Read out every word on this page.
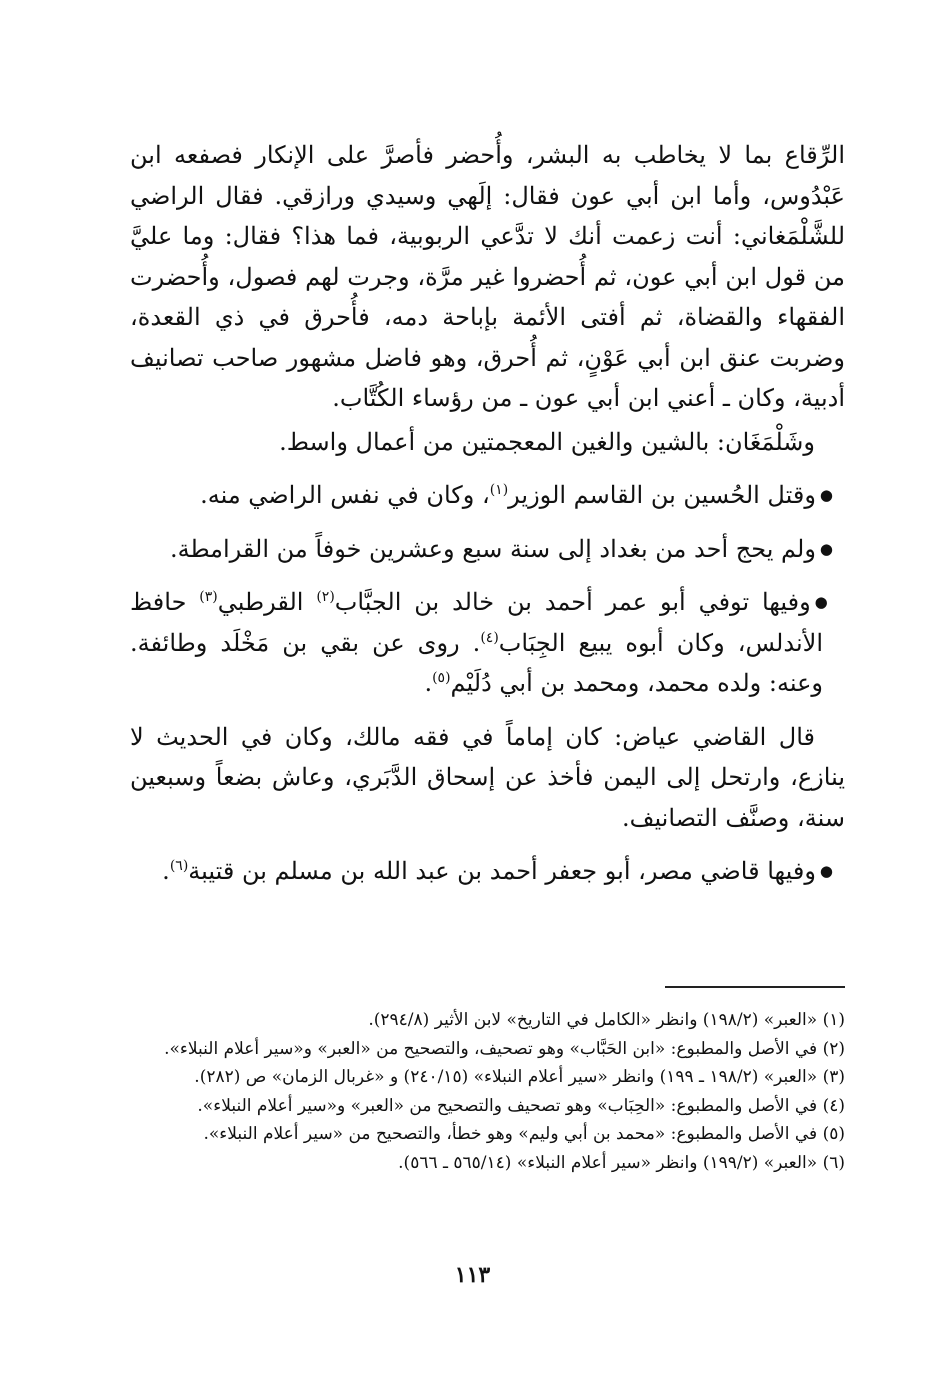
الرِّقاع بما لا يخاطب به البشر، وأُحضر فأصرَّ على الإنكار فصفعه ابن عَبْدُوس، وأما ابن أبي عون فقال: إلَهي وسيدي ورازقي. فقال الراضي للشَّلْمَغاني: أنت زعمت أنك لا تدَّعي الربوبية، فما هذا؟ فقال: وما عليَّ من قول ابن أبي عون، ثم أُحضروا غير مرَّة، وجرت لهم فصول، وأُحضرت الفقهاء والقضاة، ثم أفتى الأئمة بإباحة دمه، فأُحرق في ذي القعدة، وضربت عنق ابن أبي عَوْنٍ، ثم أُحرق، وهو فاضل مشهور صاحب تصانيف أدبية، وكان ـ أعني ابن أبي عون ـ من رؤساء الكُتَّاب.

وشَلْمَغَان: بالشين والغين المعجمتين من أعمال واسط.

●وقتل الحُسين بن القاسم الوزير$^{(١)}$، وكان في نفس الراضي منه.

●ولم يحج أحد من بغداد إلى سنة سبع وعشرين خوفاً من القرامطة.

●وفيها توفي أبو عمر أحمد بن خالد بن الجبَّاب$^{(٢)}$ القرطبي$^{(٣)}$ حافظ الأندلس، وكان أبوه يبيع الجِبَاب$^{(٤)}$. روى عن بقي بن مَخْلَد وطائفة. وعنه: ولده محمد، ومحمد بن أبي دُلَيْم$^{(٥)}$.

قال القاضي عياض: كان إماماً في فقه مالك، وكان في الحديث لا ينازع، وارتحل إلى اليمن فأخذ عن إسحاق الدَّبَري، وعاش بضعاً وسبعين سنة، وصنَّف التصانيف.

●وفيها قاضي مصر، أبو جعفر أحمد بن عبد الله بن مسلم بن قتيبة$^{(٦)}$.

(١) «العبر» (١٩٨/٢) وانظر «الكامل في التاريخ» لابن الأثير (٢٩٤/٨).

(٢) في الأصل والمطبوع: «ابن الحَبَّاب» وهو تصحيف، والتصحيح من «العبر» و«سير أعلام النبلاء».

(٣) «العبر» (١٩٨/٢ ـ ١٩٩) وانظر «سير أعلام النبلاء» (٢٤٠/١٥) و «غربال الزمان» ص (٢٨٢).

(٤) في الأصل والمطبوع: «الحِبَاب» وهو تصحيف والتصحيح من «العبر» و«سير أعلام النبلاء».

(٥) في الأصل والمطبوع: «محمد بن أبي وليم» وهو خطأ، والتصحيح من «سير أعلام النبلاء».

(٦) «العبر» (١٩٩/٢) وانظر «سير أعلام النبلاء» (٥٦٥/١٤ ـ ٥٦٦).

١١٣
